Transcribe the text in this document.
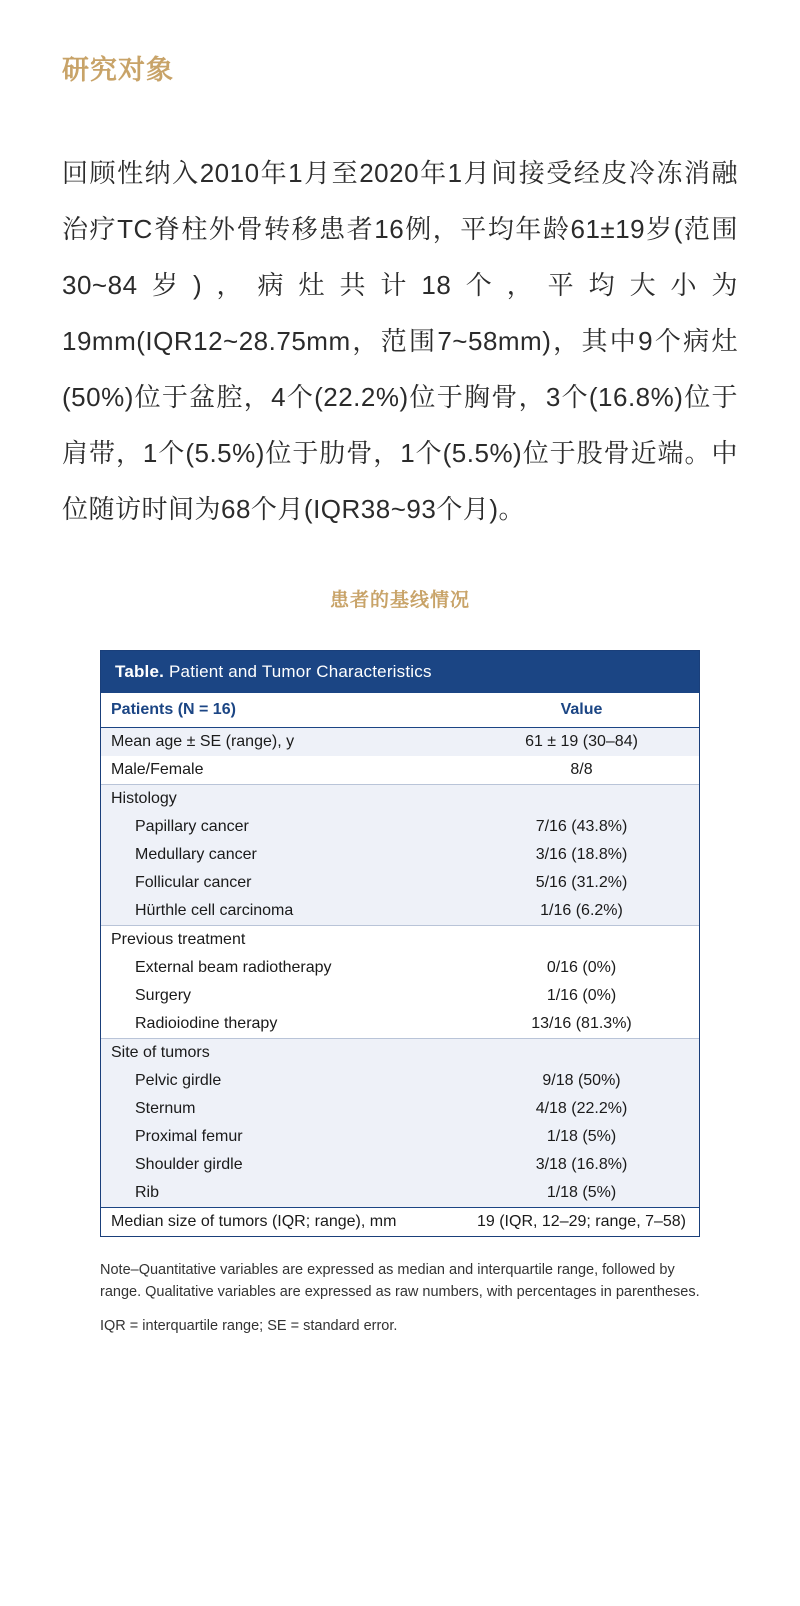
研究对象
回顾性纳入2010年1月至2020年1月间接受经皮冷冻消融治疗TC脊柱外骨转移患者16例，平均年龄61±19岁(范围30~84岁)，病灶共计18个，平均大小为19mm(IQR12~28.75mm，范围7~58mm)，其中9个病灶(50%)位于盆腔，4个(22.2%)位于胸骨，3个(16.8%)位于肩带，1个(5.5%)位于肋骨，1个(5.5%)位于股骨近端。中位随访时间为68个月(IQR38~93个月)。
患者的基线情况
Table. Patient and Tumor Characteristics
Patients (N = 16)	Value
Mean age ± SE (range), y	61 ± 19 (30–84)
Male/Female	8/8
Histology	
Papillary cancer	7/16 (43.8%)
Medullary cancer	3/16 (18.8%)
Follicular cancer	5/16 (31.2%)
Hürthle cell carcinoma	1/16 (6.2%)
Previous treatment	
External beam radiotherapy	0/16 (0%)
Surgery	1/16 (0%)
Radioiodine therapy	13/16 (81.3%)
Site of tumors	
Pelvic girdle	9/18 (50%)
Sternum	4/18 (22.2%)
Proximal femur	1/18 (5%)
Shoulder girdle	3/18 (16.8%)
Rib	1/18 (5%)
Median size of tumors (IQR; range), mm	19 (IQR, 12–29; range, 7–58)

Note–Quantitative variables are expressed as median and interquartile range, followed by range. Qualitative variables are expressed as raw numbers, with percentages in parentheses.

IQR = interquartile range; SE = standard error.
